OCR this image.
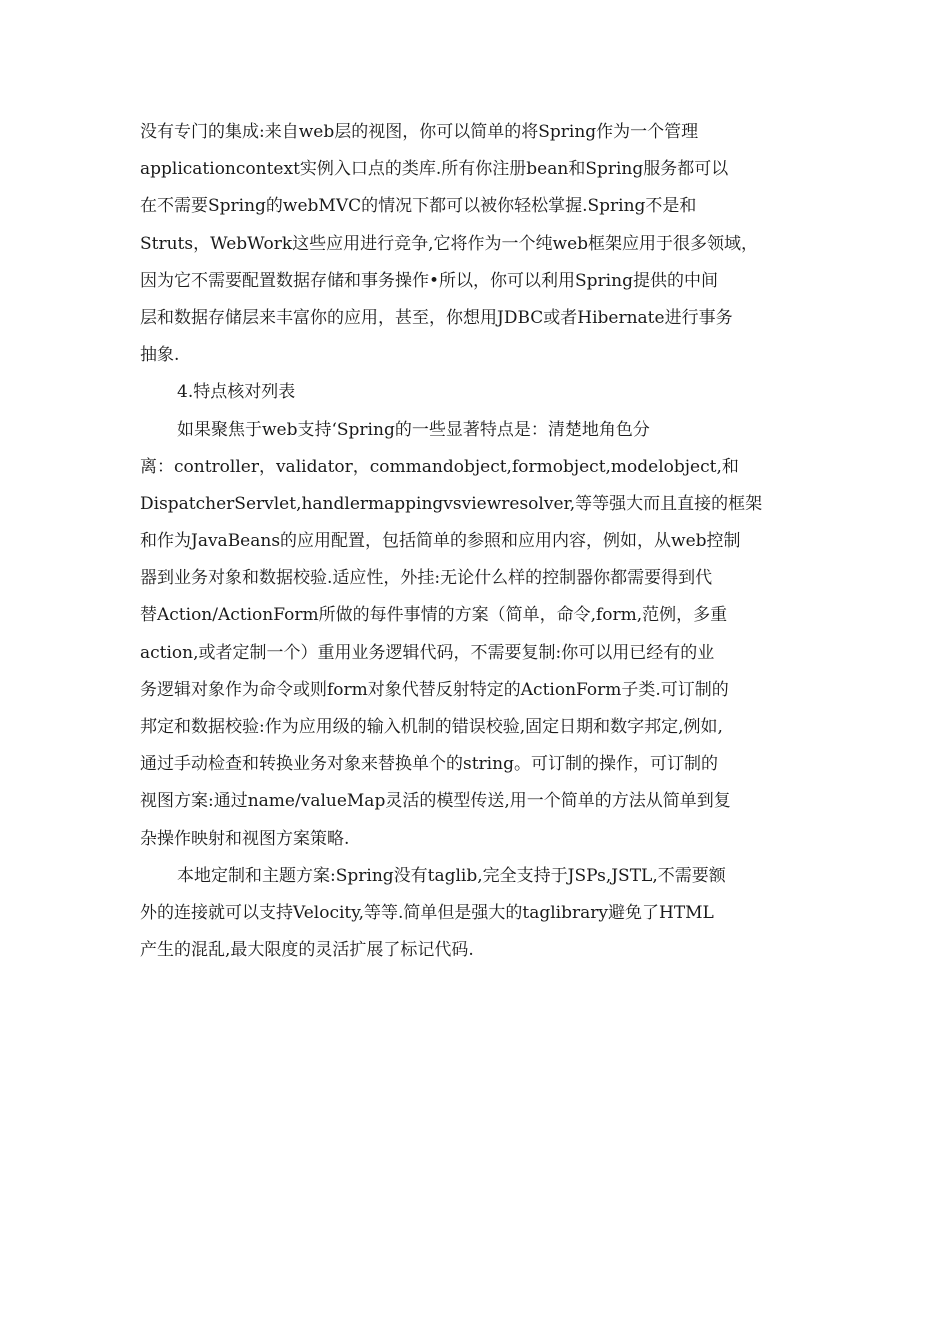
没有专门的集成:来自web层的视图，你可以简单的将Spring作为一个管理
applicationcontext实例入口点的类库.所有你注册bean和Spring服务都可以
在不需要Spring的webMVC的情况下都可以被你轻松掌握.Spring不是和
Struts，WebWork这些应用进行竞争,它将作为一个纯web框架应用于很多领域，
因为它不需要配置数据存储和事务操作•所以，你可以利用Spring提供的中间
层和数据存储层来丰富你的应用，甚至，你想用JDBC或者Hibernate进行事务
抽象.
4.特点核对列表
如果聚焦于web支持‘Spring的一些显著特点是：清楚地角色分
离：controller，validator，commandobject,formobject,modelobject,和
DispatcherServlet,handlermappingvsviewresolver,等等强大而且直接的框架
和作为JavaBeans的应用配置，包括简单的参照和应用内容，例如，从web控制
器到业务对象和数据校验.适应性，外挂:无论什么样的控制器你都需要得到代
替Action/ActionForm所做的每件事情的方案（简单，命令,form,范例，多重
action,或者定制一个）重用业务逻辑代码，不需要复制:你可以用已经有的业
务逻辑对象作为命令或则form对象代替反射特定的ActionForm子类.可订制的
邦定和数据校验:作为应用级的输入机制的错误校验,固定日期和数字邦定,例如,
通过手动检查和转换业务对象来替换单个的string。可订制的操作，可订制的
视图方案:通过name/valueMap灵活的模型传送,用一个简单的方法从简单到复
杂操作映射和视图方案策略.
本地定制和主题方案:Spring没有taglib,完全支持于JSPs,JSTL,不需要额
外的连接就可以支持Velocity,等等.简单但是强大的taglibrary避免了HTML
产生的混乱,最大限度的灵活扩展了标记代码.
